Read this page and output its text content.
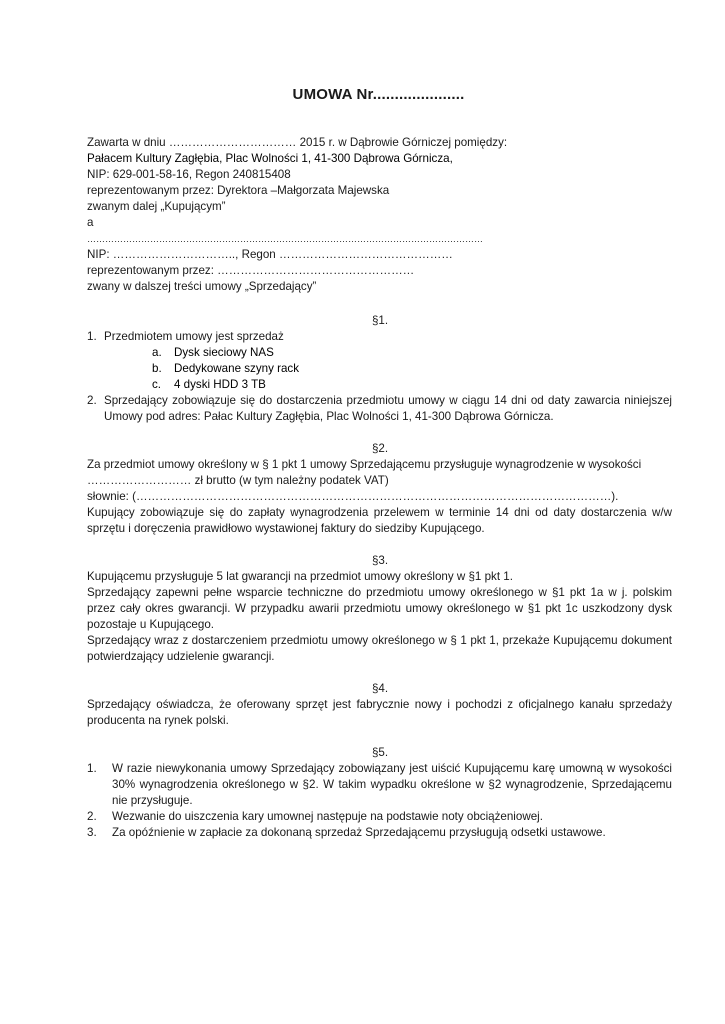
UMOWA Nr.....................
Zawarta w dniu …………………………… 2015 r. w Dąbrowie Górniczej pomiędzy:
Pałacem Kultury Zagłębia, Plac Wolności 1, 41-300 Dąbrowa Górnicza,
NIP: 629-001-58-16, Regon 240815408
reprezentowanym przez: Dyrektora –Małgorzata Majewska
zwanym dalej „Kupującym”
a
……………………………………………………………………………………………………………………
NIP: ………………………….., Regon ………………………………………
reprezentowanym przez: ……………………………………………
zwany w dalszej treści umowy „Sprzedający”
§1.
1. Przedmiotem umowy jest sprzedaż
a. Dysk sieciowy NAS
b. Dedykowane szyny rack
c. 4 dyski HDD 3 TB
2. Sprzedający zobowiązuje się do dostarczenia przedmiotu umowy w ciągu 14 dni od daty zawarcia niniejszej Umowy pod adres: Pałac Kultury Zagłębia, Plac Wolności 1, 41-300 Dąbrowa Górnicza.
§2.
Za przedmiot umowy określony w § 1 pkt 1 umowy Sprzedającemu przysługuje wynagrodzenie w wysokości
……………………… zł brutto (w tym należny podatek VAT)
słownie: (……………………………………………………………………………………………………………).
Kupujący zobowiązuje się do zapłaty wynagrodzenia przelewem w terminie 14 dni od daty dostarczenia w/w sprzętu i doręczenia prawidłowo wystawionej faktury do siedziby Kupującego.
§3.
Kupującemu przysługuje 5 lat gwarancji na przedmiot umowy określony w §1 pkt 1.
Sprzedający zapewni pełne wsparcie techniczne do przedmiotu umowy określonego w §1 pkt 1a w j. polskim przez cały okres gwarancji. W przypadku awarii przedmiotu umowy określonego w §1 pkt 1c uszkodzony dysk pozostaje u Kupującego.
Sprzedający wraz z dostarczeniem przedmiotu umowy określonego w § 1 pkt 1, przekaże Kupującemu dokument potwierdzający udzielenie gwarancji.
§4.
Sprzedający oświadcza, że oferowany sprzęt jest fabrycznie nowy i pochodzi z oficjalnego kanału sprzedaży producenta na rynek polski.
§5.
1. W razie niewykonania umowy Sprzedający zobowiązany jest uiścić Kupującemu karę umowną w wysokości 30% wynagrodzenia określonego w §2. W takim wypadku określone w §2 wynagrodzenie, Sprzedającemu nie przysługuje.
2. Wezwanie do uiszczenia kary umownej następuje na podstawie noty obciążeniowej.
3. Za opóźnienie w zapłacie za dokonaną sprzedaż Sprzedającemu przysługują odsetki ustawowe.
